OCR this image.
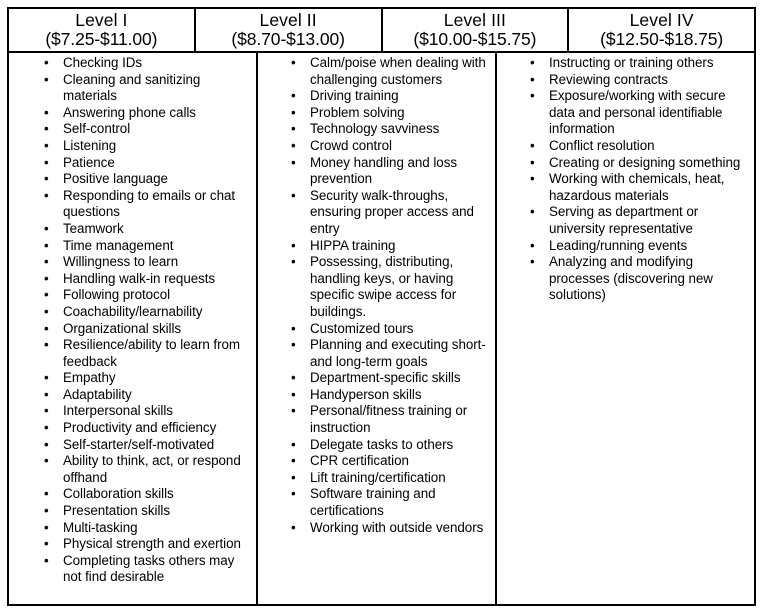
Level I
($7.25-$11.00)
Level II
($8.70-$13.00)
Level III
($10.00-$15.75)
Level IV
($12.50-$18.75)
• Checking IDs
• Cleaning and sanitizing materials
• Answering phone calls
• Self-control
• Listening
• Patience
• Positive language
• Responding to emails or chat questions
• Teamwork
• Time management
• Willingness to learn
• Handling walk-in requests
• Following protocol
• Coachability/learnability
• Organizational skills
• Resilience/ability to learn from feedback
• Empathy
• Adaptability
• Interpersonal skills
• Productivity and efficiency
• Self-starter/self-motivated
• Ability to think, act, or respond offhand
• Collaboration skills
• Presentation skills
• Multi-tasking
• Physical strength and exertion
• Completing tasks others may not find desirable
• Calm/poise when dealing with challenging customers
• Driving training
• Problem solving
• Technology savviness
• Crowd control
• Money handling and loss prevention
• Security walk-throughs, ensuring proper access and entry
• HIPPA training
• Possessing, distributing, handling keys, or having specific swipe access for buildings.
• Customized tours
• Planning and executing short- and long-term goals
• Department-specific skills
• Handyperson skills
• Personal/fitness training or instruction
• Delegate tasks to others
• CPR certification
• Lift training/certification
• Software training and certifications
• Working with outside vendors
• Instructing or training others
• Reviewing contracts
• Exposure/working with secure data and personal identifiable information
• Conflict resolution
• Creating or designing something
• Working with chemicals, heat, hazardous materials
• Serving as department or university representative
• Leading/running events
• Analyzing and modifying processes (discovering new solutions)
